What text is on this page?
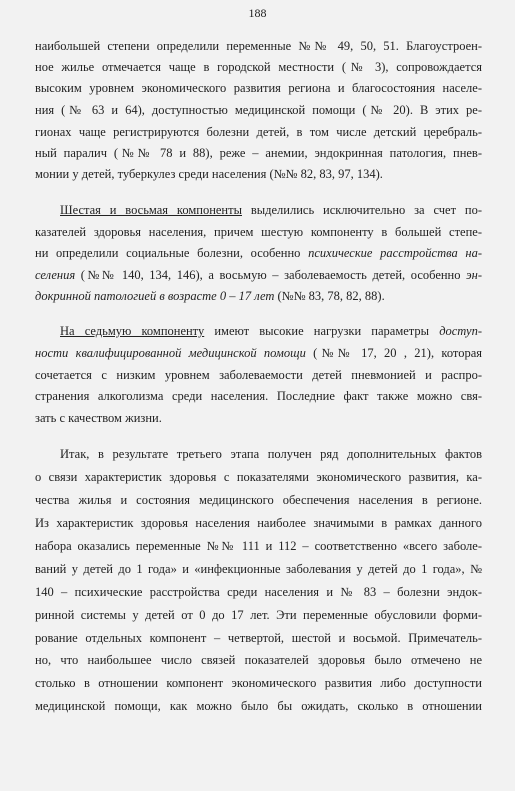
188
наибольшей степени определили переменные №№ 49, 50, 51. Благоустроен-
ное жилье отмечается чаще в городской местности (№ 3), сопровождается
высоким уровнем экономического развития региона и благосостояния населе-
ния (№ 63 и 64), доступностью медицинской помощи (№ 20). В этих ре-
гионах чаще регистрируются болезни детей, в том числе детский церебраль-
ный паралич (№№ 78 и 88), реже – анемии, эндокринная патология, пнев-
монии у детей, туберкулез среди населения (№№ 82, 83, 97, 134).
Шестая и восьмая компоненты выделились исключительно за счет по-
казателей здоровья населения, причем шестую компоненту в большей степе-
ни определили социальные болезни, особенно психические расстройства на-
селения (№№ 140, 134, 146), а восьмую – заболеваемость детей, особенно эн-
докринной патологией в возрасте 0 – 17 лет (№№ 83, 78, 82, 88).
На седьмую компоненту имеют высокие нагрузки параметры доступ-
ности квалифицированной медицинской помощи (№№ 17, 20 , 21), которая
сочетается с низким уровнем заболеваемости детей пневмонией и распро-
странения алкоголизма среди населения. Последние факт также можно свя-
зать с качеством жизни.
Итак, в результате третьего этапа получен ряд дополнительных фактов
о связи характеристик здоровья с показателями экономического развития, ка-
чества жилья и состояния медицинского обеспечения населения в регионе.
Из характеристик здоровья населения наиболее значимыми в рамках данного
набора оказались переменные №№ 111 и 112 – соответственно «всего заболе-
ваний у детей до 1 года» и «инфекционные заболевания у детей до 1 года», №
140 – психические расстройства среди населения и № 83 – болезни эндок-
ринной системы у детей от 0 до 17 лет. Эти переменные обусловили форми-
рование отдельных компонент – четвертой, шестой и восьмой. Примечатель-
но, что наибольшее число связей показателей здоровья было отмечено не
столько в отношении компонент экономического развития либо доступности
медицинской помощи, как можно было бы ожидать, сколько в отношении
